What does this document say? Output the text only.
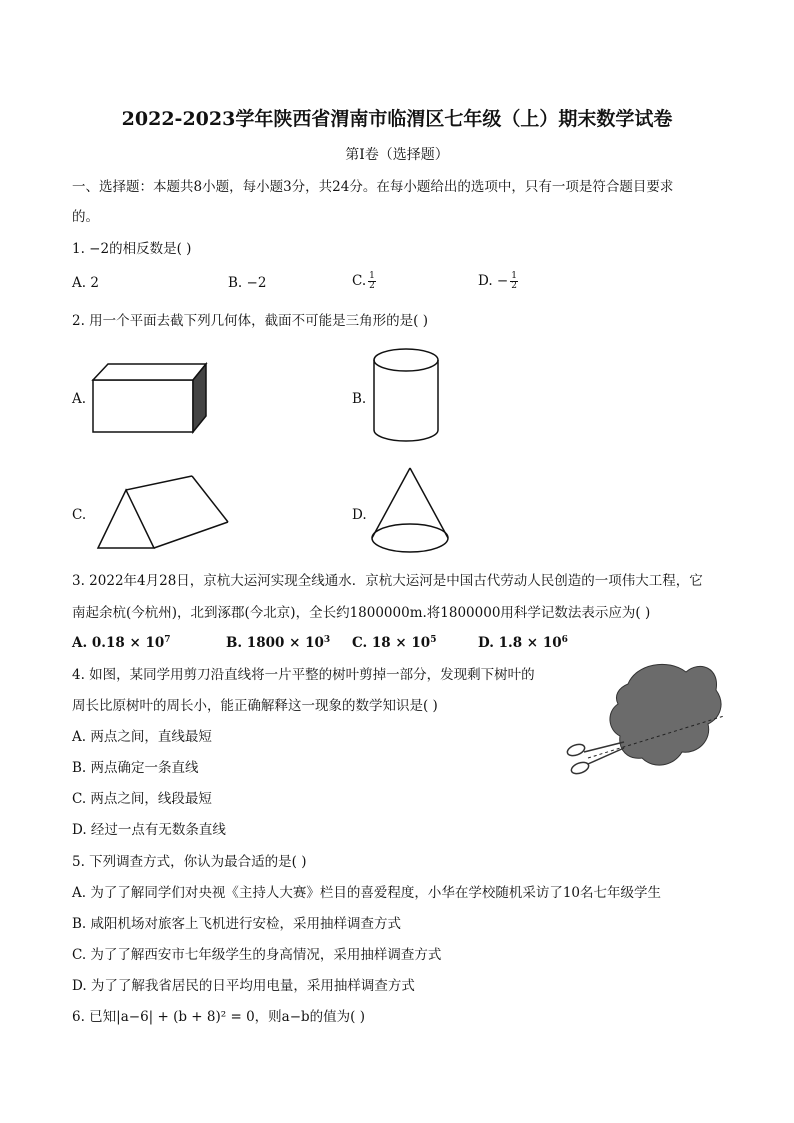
2022-2023学年陕西省渭南市临渭区七年级（上）期末数学试卷
第I卷（选择题）
一、选择题：本题共8小题，每小题3分，共24分。在每小题给出的选项中，只有一项是符合题目要求
的。
1. −2的相反数是( )
A. 2	B. −2	C. $\frac{1}{2}$	D. − $\frac{1}{2}$
2. 用一个平面去截下列几何体，截面不可能是三角形的是( )
A.	B.
C.	D.
3. 2022年4月28日，京杭大运河实现全线通水．京杭大运河是中国古代劳动人民创造的一项伟大工程，它
南起余杭(今杭州)，北到涿郡(今北京)，全长约1800000m.将1800000用科学记数法表示应为( )
A. $0.18 \times 10^7$	B. $1800 \times 10^3$ C. $18 \times 10^5$	D. $1.8 \times 10^6$
4. 如图，某同学用剪刀沿直线将一片平整的树叶剪掉一部分，发现剩下树叶的
周长比原树叶的周长小，能正确解释这一现象的数学知识是( )
A. 两点之间，直线最短
B. 两点确定一条直线
C. 两点之间，线段最短
D. 经过一点有无数条直线
5. 下列调查方式，你认为最合适的是( )
A. 为了了解同学们对央视《主持人大赛》栏目的喜爱程度，小华在学校随机采访了10名七年级学生
B. 咸阳机场对旅客上飞机进行安检，采用抽样调查方式
C. 为了了解西安市七年级学生的身高情况，采用抽样调查方式
D. 为了了解我省居民的日平均用电量，采用抽样调查方式
6. 已知|a−6| + (b + 8)² = 0，则a−b的值为( )
